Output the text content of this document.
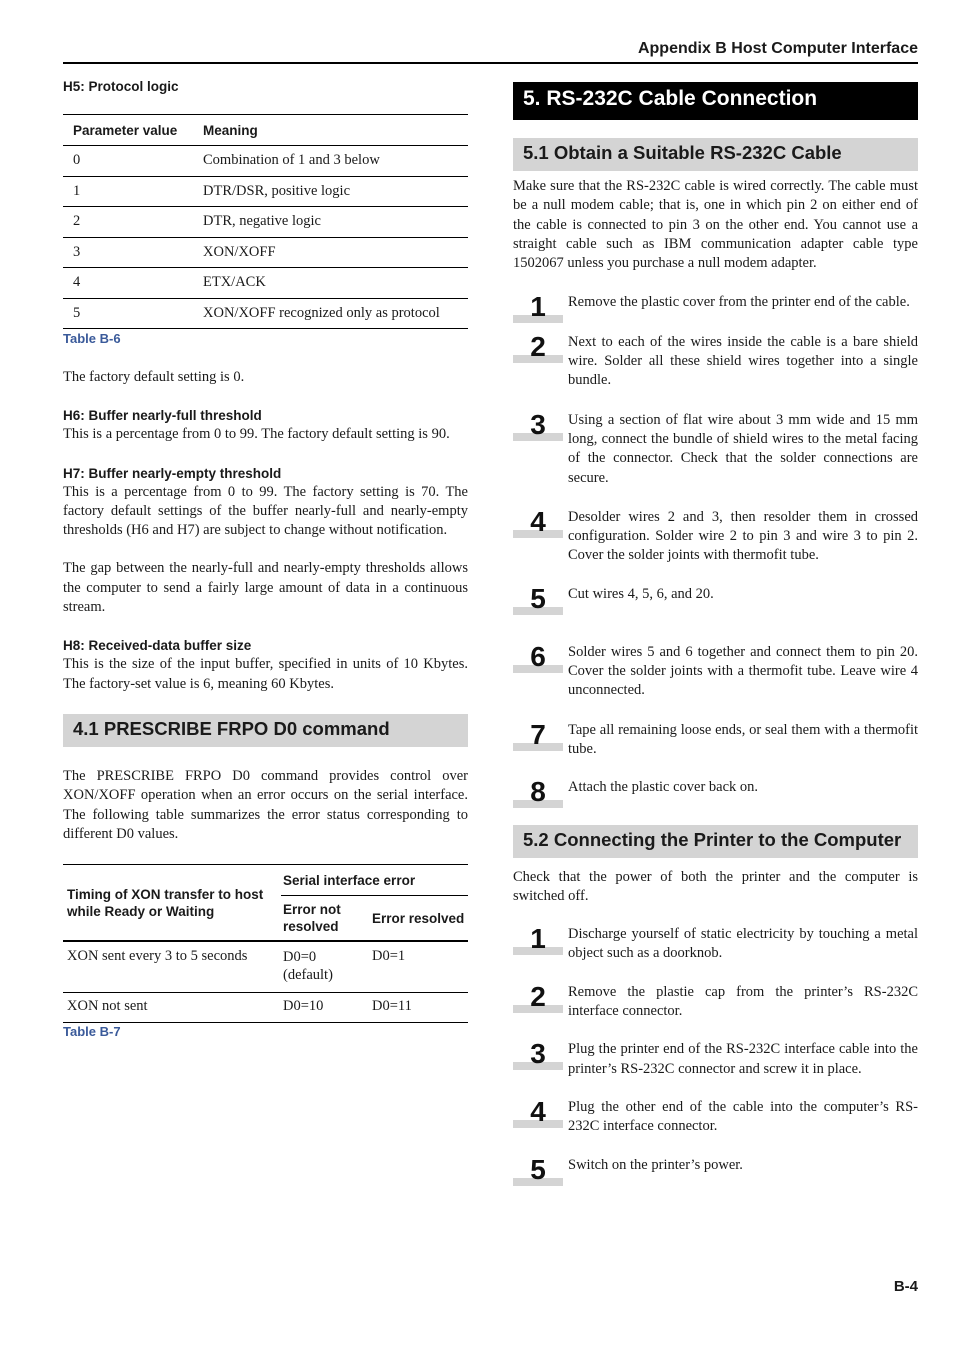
Appendix B Host Computer Interface
H5: Protocol logic
Parameter value	Meaning
0	Combination of 1 and 3 below
1	DTR/DSR, positive logic
2	DTR, negative logic
3	XON/XOFF
4	ETX/ACK
5	XON/XOFF recognized only as protocol
Table B-6

The factory default setting is 0.

H6: Buffer nearly-full threshold

This is a percentage from 0 to 99. The factory default setting is 90.

H7: Buffer nearly-empty threshold

This is a percentage from 0 to 99. The factory setting is 70. The factory default settings of the buffer nearly-full and nearly-empty thresholds (H6 and H7) are subject to change without notification.

The gap between the nearly-full and nearly-empty thresholds allows the computer to send a fairly large amount of data in a continuous stream.

H8: Received-data buffer size

This is the size of the input buffer, specified in units of 10 Kbytes. The factory-set value is 6, meaning 60 Kbytes.

4.1 PRESCRIBE FRPO D0 command

The PRESCRIBE FRPO D0 command provides control over XON/XOFF operation when an error occurs on the serial interface. The following table summarizes the error status corresponding to different D0 values.

Timing of XON transfer to host while Ready or Waiting	Serial interface error	
	Error not resolved	Error resolved
XON sent every 3 to 5 seconds	D0=0 (default)	D0=1
XON not sent	D0=10	D0=11
Table B-7
5. RS-232C Cable Connection
5.1 Obtain a Suitable RS-232C Cable

Make sure that the RS-232C cable is wired correctly. The cable must be a null modem cable; that is, one in which pin 2 on either end of the cable is connected to pin 3 on the other end. You cannot use a straight cable such as IBM communication adapter cable type 1502067 unless you purchase a null modem adapter.

1	Remove the plastic cover from the printer end of the cable.

2	Next to each of the wires inside the cable is a bare shield wire. Solder all these shield wires together into a single bundle.

3	Using a section of flat wire about 3 mm wide and 15 mm long, connect the bundle of shield wires to the metal facing of the connector. Check that the solder connections are secure.

4	Desolder wires 2 and 3, then resolder them in crossed configuration. Solder wire 2 to pin 3 and wire 3 to pin 2. Cover the solder joints with thermofit tube.

5	Cut wires 4, 5, 6, and 20.

6	Solder wires 5 and 6 together and connect them to pin 20. Cover the solder joints with a thermofit tube. Leave wire 4 unconnected.

7	Tape all remaining loose ends, or seal them with a thermofit tube.

8	Attach the plastic cover back on.

5.2 Connecting the Printer to the Computer

Check that the power of both the printer and the computer is switched off.

1	Discharge yourself of static electricity by touching a metal object such as a doorknob.

2	Remove the plastie cap from the printer’s RS-232C interface connector.

3	Plug the printer end of the RS-232C interface cable into the printer’s RS-232C connector and screw it in place.

4	Plug the other end of the cable into the computer’s RS-232C interface connector.

5	Switch on the printer’s power.

B-4
